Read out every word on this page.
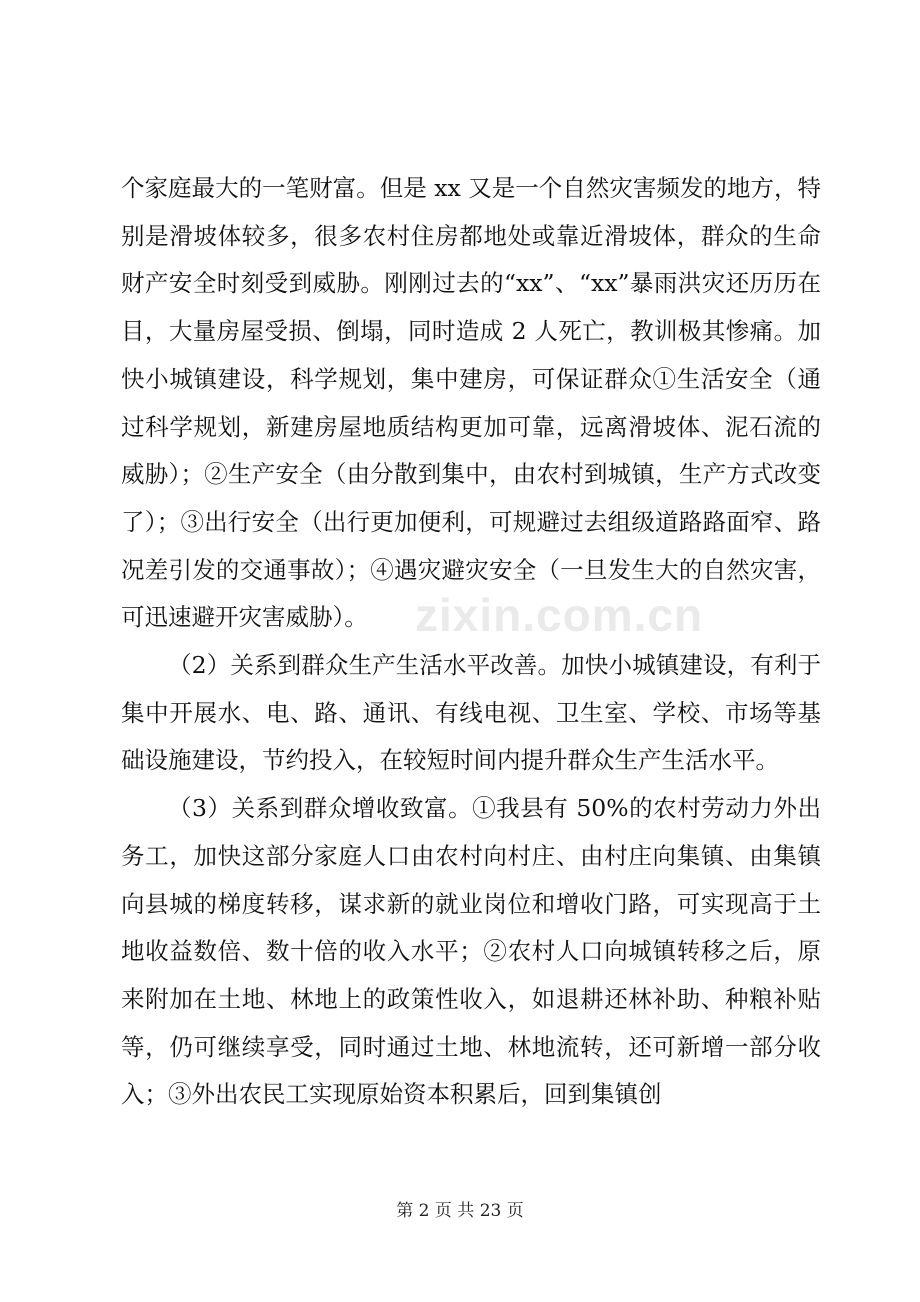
个家庭最大的一笔财富。但是 xx 又是一个自然灾害频发的地方，特别是滑坡体较多，很多农村住房都地处或靠近滑坡体，群众的生命财产安全时刻受到威胁。刚刚过去的“xx”、“xx”暴雨洪灾还历历在目，大量房屋受损、倒塌，同时造成 2 人死亡，教训极其惨痛。加快小城镇建设，科学规划，集中建房，可保证群众①生活安全（通过科学规划，新建房屋地质结构更加可靠，远离滑坡体、泥石流的威胁）；②生产安全（由分散到集中，由农村到城镇，生产方式改变了）；③出行安全（出行更加便利，可规避过去组级道路路面窄、路况差引发的交通事故）；④遇灾避灾安全（一旦发生大的自然灾害，可迅速避开灾害威胁）。

（2）关系到群众生产生活水平改善。加快小城镇建设，有利于集中开展水、电、路、通讯、有线电视、卫生室、学校、市场等基础设施建设，节约投入，在较短时间内提升群众生产生活水平。

（3）关系到群众增收致富。①我县有 50%的农村劳动力外出务工，加快这部分家庭人口由农村向村庄、由村庄向集镇、由集镇向县城的梯度转移，谋求新的就业岗位和增收门路，可实现高于土地收益数倍、数十倍的收入水平；②农村人口向城镇转移之后，原来附加在土地、林地上的政策性收入，如退耕还林补助、种粮补贴等，仍可继续享受，同时通过土地、林地流转，还可新增一部分收入；③外出农民工实现原始资本积累后，回到集镇创

zixin.com.cn
第 2 页 共 23 页
